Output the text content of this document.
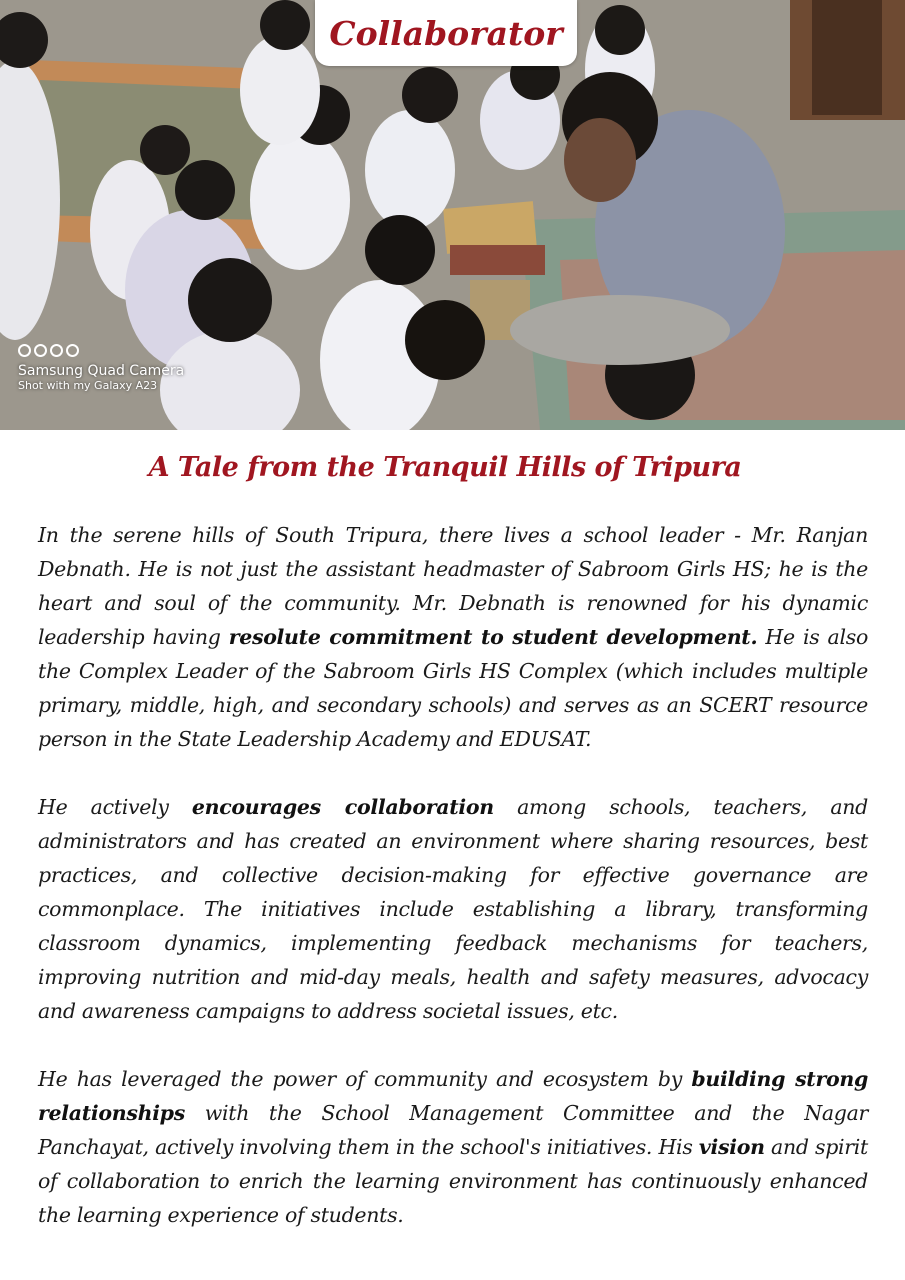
Collaborator
Samsung Quad Camera
Shot with my Galaxy A23
A Tale from the Tranquil Hills of Tripura

In the serene hills of South Tripura, there lives a school leader - Mr. Ranjan Debnath. He is not just the assistant headmaster of Sabroom Girls HS; he is the heart and soul of the community. Mr. Debnath is renowned for his dynamic leadership having resolute commitment to student development. He is also the Complex Leader of the Sabroom Girls HS Complex (which includes multiple primary, middle, high, and secondary schools) and serves as an SCERT resource person in the State Leadership Academy and EDUSAT.

He actively encourages collaboration among schools, teachers, and administrators and has created an environment where sharing resources, best practices, and collective decision-making for effective governance are commonplace. The initiatives include establishing a library, transforming classroom dynamics, implementing feedback mechanisms for teachers, improving nutrition and mid-day meals, health and safety measures, advocacy and awareness campaigns to address societal issues, etc.

He has leveraged the power of community and ecosystem by building strong relationships with the School Management Committee and the Nagar Panchayat, actively involving them in the school's initiatives. His vision and spirit of collaboration to enrich the learning environment has continuously enhanced the learning experience of students.
